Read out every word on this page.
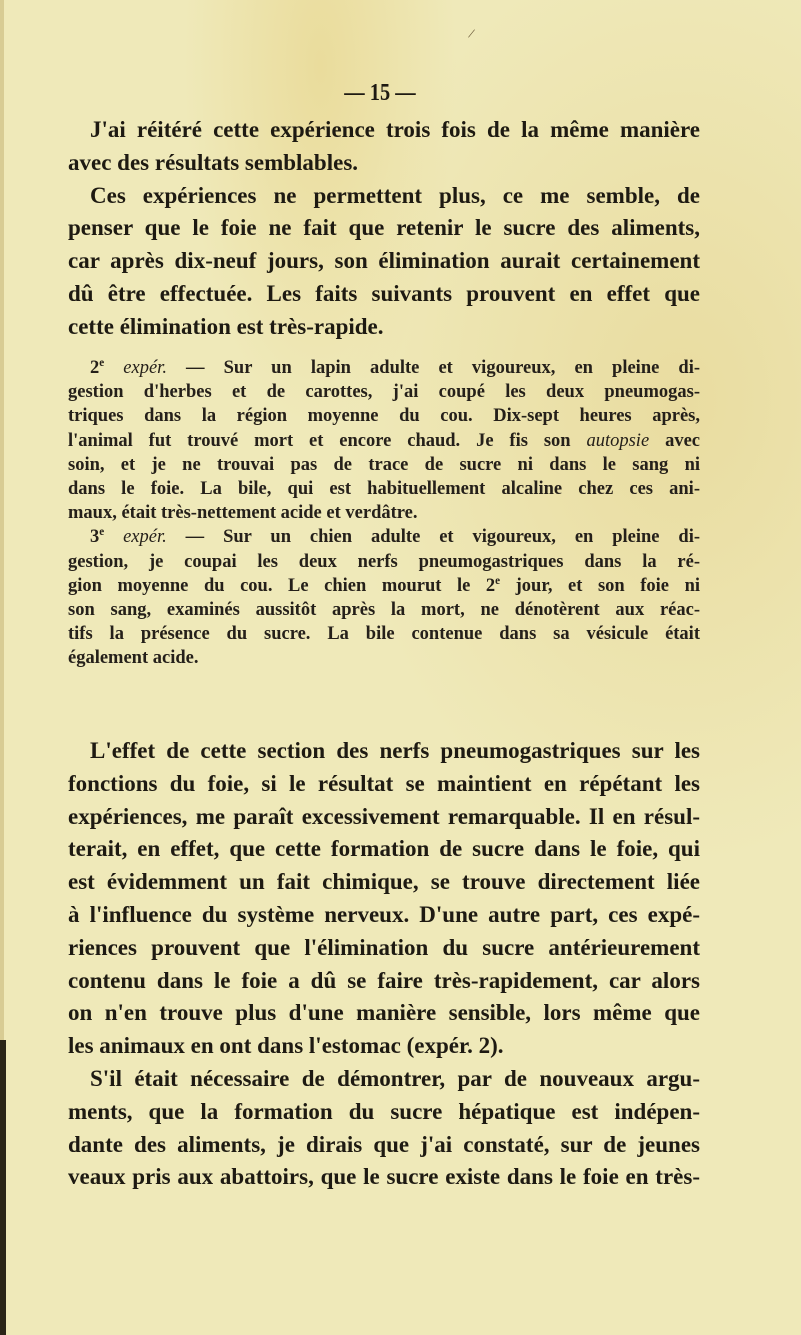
/
— 15 —
J'ai réitéré cette expérience trois fois de la même manière
avec des résultats semblables.
Ces expériences ne permettent plus, ce me semble, de
penser que le foie ne fait que retenir le sucre des aliments,
car après dix-neuf jours, son élimination aurait certainement
dû être effectuée. Les faits suivants prouvent en effet que
cette élimination est très-rapide.
2e expér. — Sur un lapin adulte et vigoureux, en pleine di-
gestion d'herbes et de carottes, j'ai coupé les deux pneumogas-
triques dans la région moyenne du cou. Dix-sept heures après,
l'animal fut trouvé mort et encore chaud. Je fis son autopsie avec
soin, et je ne trouvai pas de trace de sucre ni dans le sang ni
dans le foie. La bile, qui est habituellement alcaline chez ces ani-
maux, était très-nettement acide et verdâtre.
3e expér. — Sur un chien adulte et vigoureux, en pleine di-
gestion, je coupai les deux nerfs pneumogastriques dans la ré-
gion moyenne du cou. Le chien mourut le 2e jour, et son foie ni
son sang, examinés aussitôt après la mort, ne dénotèrent aux réac-
tifs la présence du sucre. La bile contenue dans sa vésicule était
également acide.
L'effet de cette section des nerfs pneumogastriques sur les
fonctions du foie, si le résultat se maintient en répétant les
expériences, me paraît excessivement remarquable. Il en résul-
terait, en effet, que cette formation de sucre dans le foie, qui
est évidemment un fait chimique, se trouve directement liée
à l'influence du système nerveux. D'une autre part, ces expé-
riences prouvent que l'élimination du sucre antérieurement
contenu dans le foie a dû se faire très-rapidement, car alors
on n'en trouve plus d'une manière sensible, lors même que
les animaux en ont dans l'estomac (expér. 2).
S'il était nécessaire de démontrer, par de nouveaux argu-
ments, que la formation du sucre hépatique est indépen-
dante des aliments, je dirais que j'ai constaté, sur de jeunes
veaux pris aux abattoirs, que le sucre existe dans le foie en très-
